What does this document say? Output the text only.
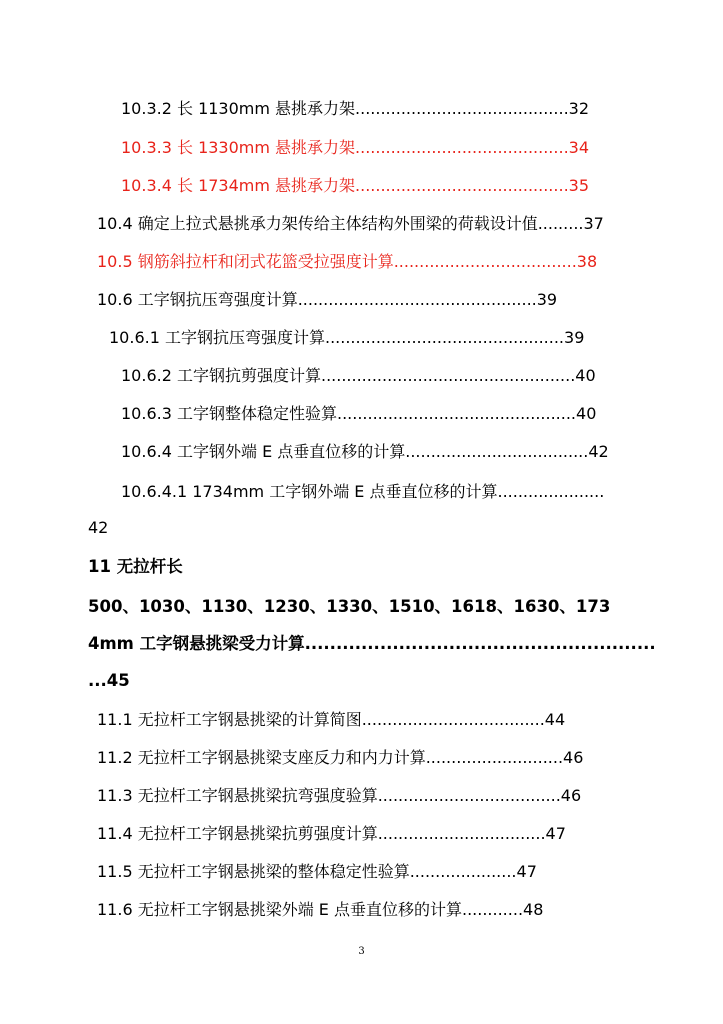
10.3.2 长 1130mm 悬挑承力架..........................................32
10.3.3 长 1330mm 悬挑承力架..........................................34
10.3.4 长 1734mm 悬挑承力架..........................................35
10.4 确定上拉式悬挑承力架传给主体结构外围梁的荷载设计值.........37
10.5 钢筋斜拉杆和闭式花篮受拉强度计算....................................38
10.6 工字钢抗压弯强度计算...............................................39
10.6.1 工字钢抗压弯强度计算...............................................39
10.6.2 工字钢抗剪强度计算..................................................40
10.6.3 工字钢整体稳定性验算...............................................40
10.6.4 工字钢外端 E 点垂直位移的计算....................................42
10.6.4.1 1734mm 工字钢外端 E 点垂直位移的计算.....................
42
11 无拉杆长
500、1030、1130、1230、1330、1510、1618、1630、173
4mm 工字钢悬挑梁受力计算........................................................
...45
11.1 无拉杆工字钢悬挑梁的计算简图....................................44
11.2 无拉杆工字钢悬挑梁支座反力和内力计算...........................46
11.3 无拉杆工字钢悬挑梁抗弯强度验算....................................46
11.4 无拉杆工字钢悬挑梁抗剪强度计算.................................47
11.5 无拉杆工字钢悬挑梁的整体稳定性验算.....................47
11.6 无拉杆工字钢悬挑梁外端 E 点垂直位移的计算............48
3
